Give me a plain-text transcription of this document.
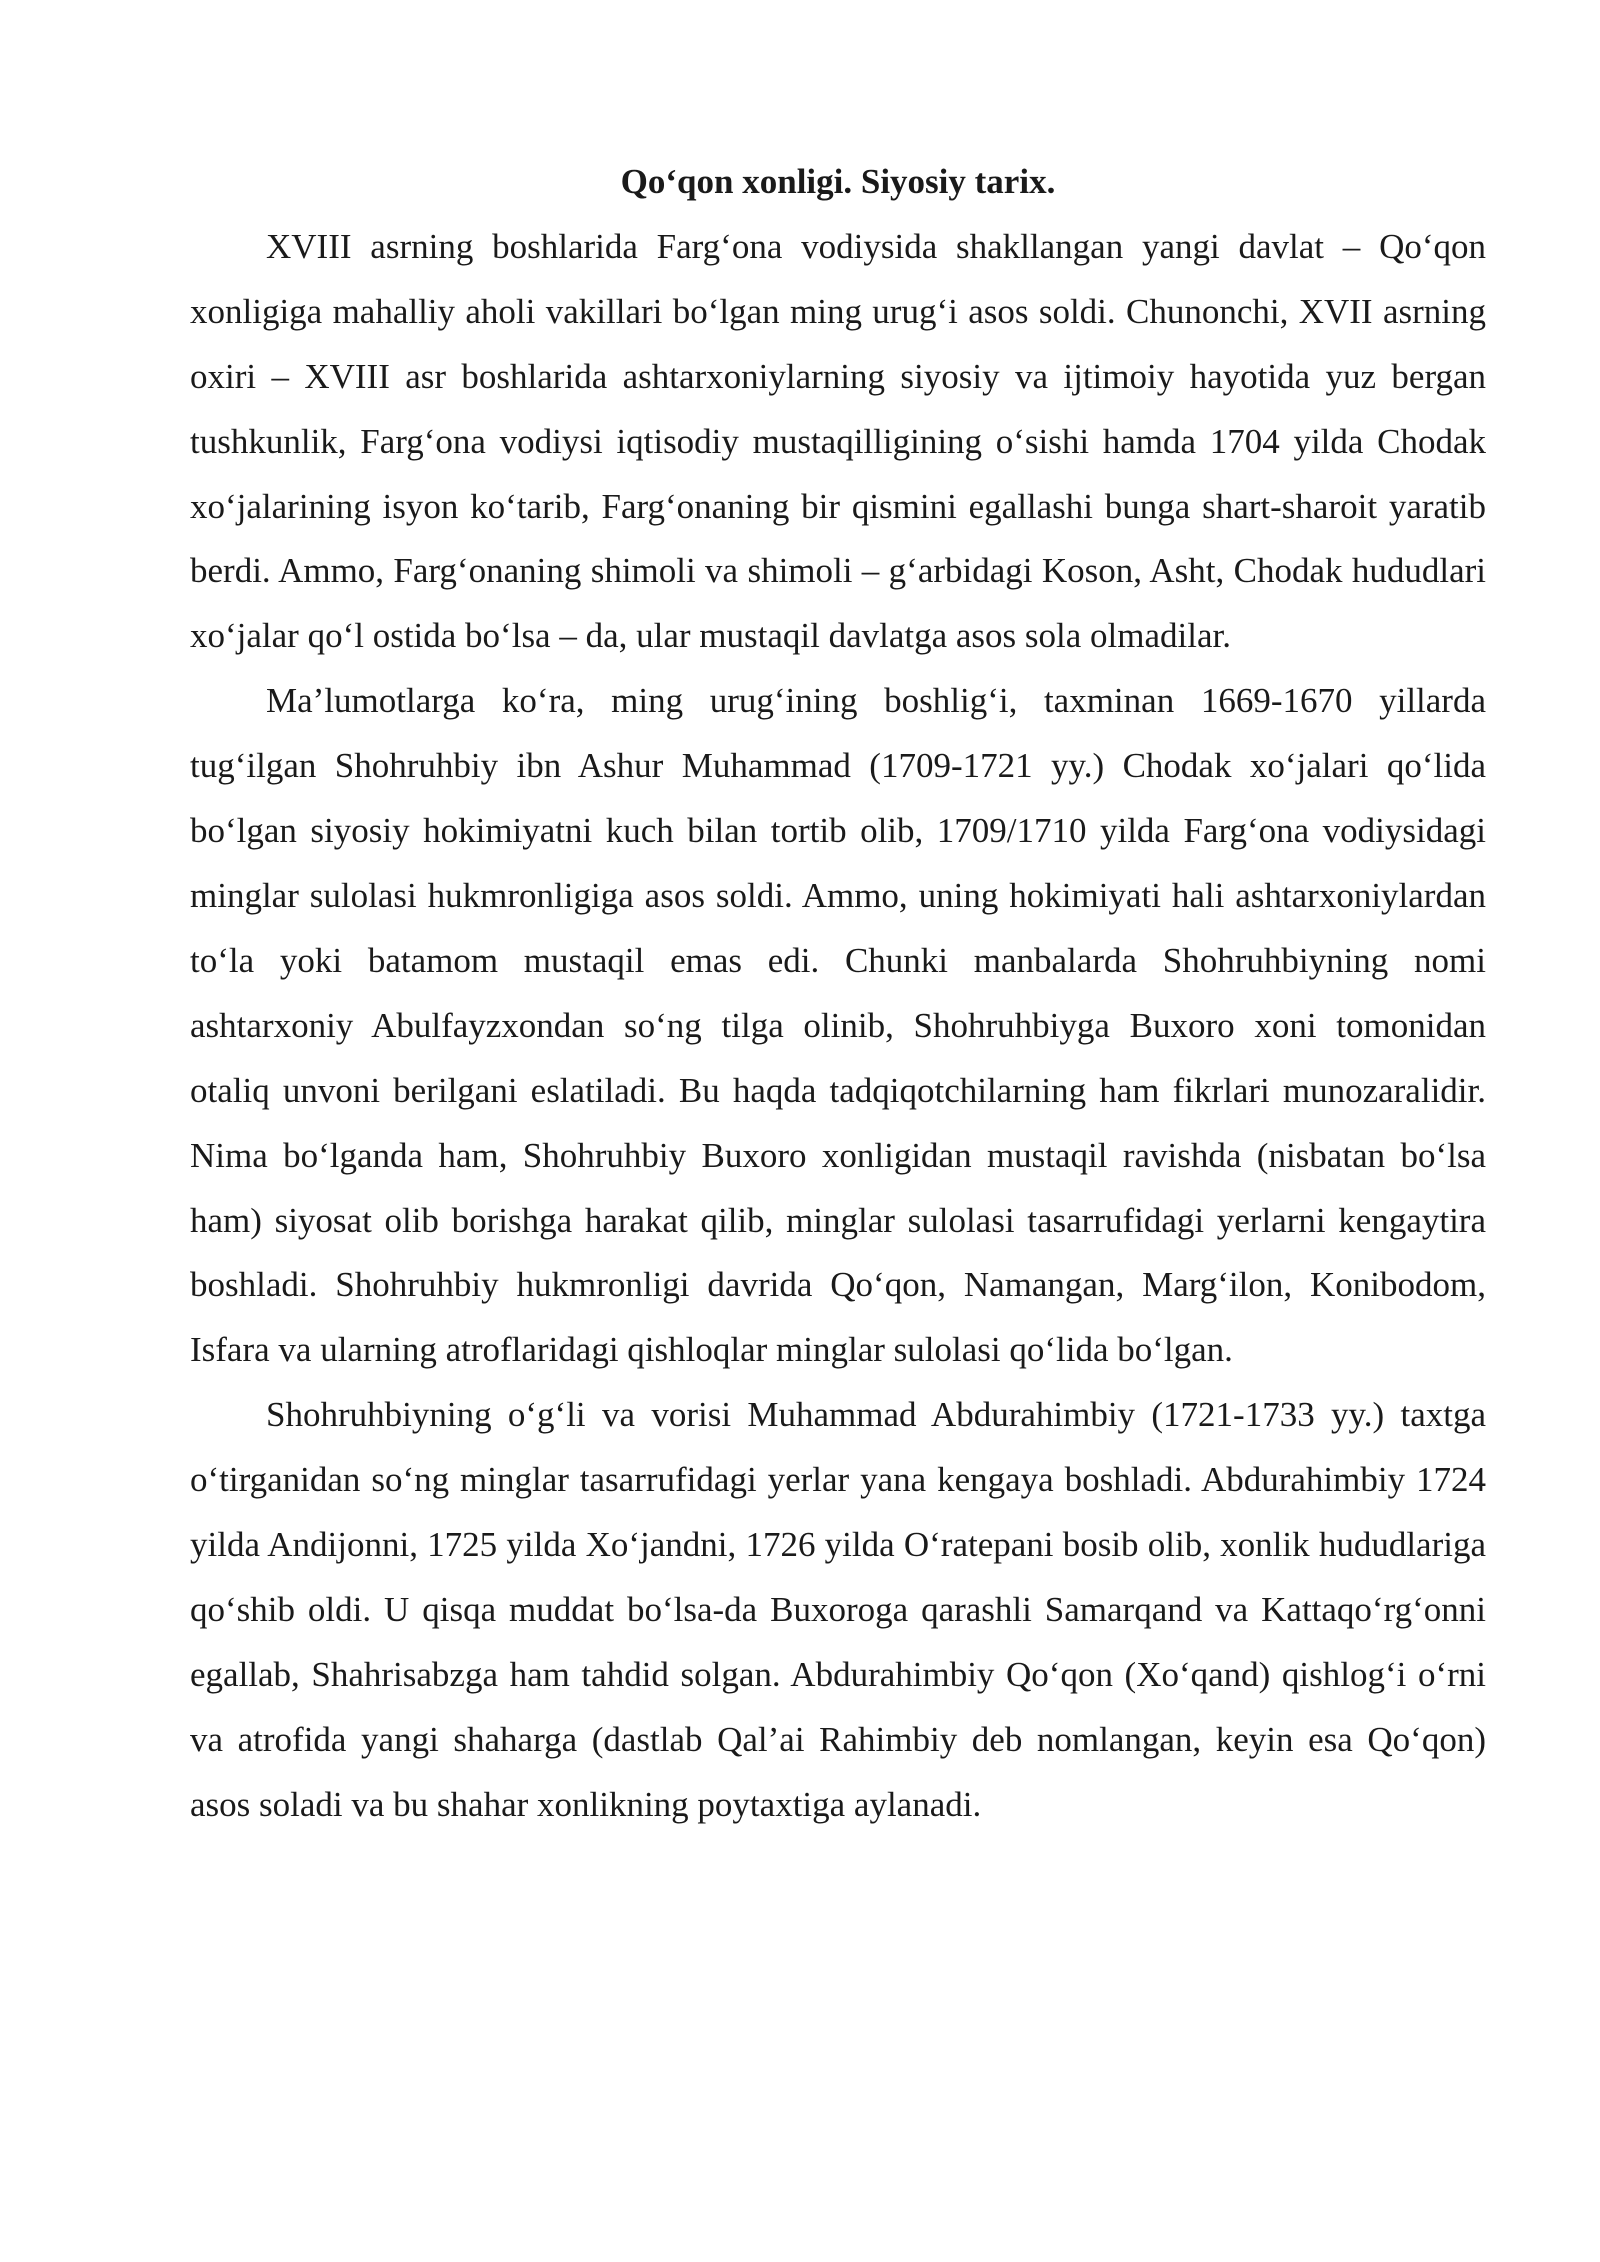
Qo‘qon xonligi. Siyosiy tarix.

XVIII asrning boshlarida Farg‘ona vodiysida shakllangan yangi davlat – Qo‘qon xonligiga mahalliy aholi vakillari bo‘lgan ming urug‘i asos soldi. Chunonchi, XVII asrning oxiri – XVIII asr boshlarida ashtarxoniylarning siyosiy va ijtimoiy hayotida yuz bergan tushkunlik, Farg‘ona vodiysi iqtisodiy mustaqilligining o‘sishi hamda 1704 yilda Chodak xo‘jalarining isyon ko‘tarib, Farg‘onaning bir qismini egallashi bunga shart-sharoit yaratib berdi. Ammo, Farg‘onaning shimoli va shimoli – g‘arbidagi Koson, Asht, Chodak hududlari xo‘jalar qo‘l ostida bo‘lsa – da, ular mustaqil davlatga asos sola olmadilar.

Ma’lumotlarga ko‘ra, ming urug‘ining boshlig‘i, taxminan 1669-1670 yillarda tug‘ilgan Shohruhbiy ibn Ashur Muhammad (1709-1721 yy.) Chodak xo‘jalari qo‘lida bo‘lgan siyosiy hokimiyatni kuch bilan tortib olib, 1709/1710 yilda Farg‘ona vodiysidagi minglar sulolasi hukmronligiga asos soldi. Ammo, uning hokimiyati hali ashtarxoniylardan to‘la yoki batamom mustaqil emas edi. Chunki manbalarda Shohruhbiyning nomi ashtarxoniy Abulfayzxondan so‘ng tilga olinib, Shohruhbiyga Buxoro xoni tomonidan otaliq unvoni berilgani eslatiladi. Bu haqda tadqiqotchilarning ham fikrlari munozaralidir. Nima bo‘lganda ham, Shohruhbiy Buxoro xonligidan mustaqil ravishda (nisbatan bo‘lsa ham) siyosat olib borishga harakat qilib, minglar sulolasi tasarrufidagi yerlarni kengaytira boshladi. Shohruhbiy hukmronligi davrida Qo‘qon, Namangan, Marg‘ilon, Konibodom, Isfara va ularning atroflaridagi qishloqlar minglar sulolasi qo‘lida bo‘lgan.

Shohruhbiyning o‘g‘li va vorisi Muhammad Abdurahimbiy (1721-1733 yy.) taxtga o‘tirganidan so‘ng minglar tasarrufidagi yerlar yana kengaya boshladi. Abdurahimbiy 1724 yilda Andijonni, 1725 yilda Xo‘jandni, 1726 yilda O‘ratepani bosib olib, xonlik hududlariga qo‘shib oldi. U qisqa muddat bo‘lsa-da Buxoroga qarashli Samarqand va Kattaqo‘rg‘onni egallab, Shahrisabzga ham tahdid solgan. Abdurahimbiy Qo‘qon (Xo‘qand) qishlog‘i o‘rni va atrofida yangi shaharga (dastlab Qal’ai Rahimbiy deb nomlangan, keyin esa Qo‘qon) asos soladi va bu shahar xonlikning poytaxtiga aylanadi.
